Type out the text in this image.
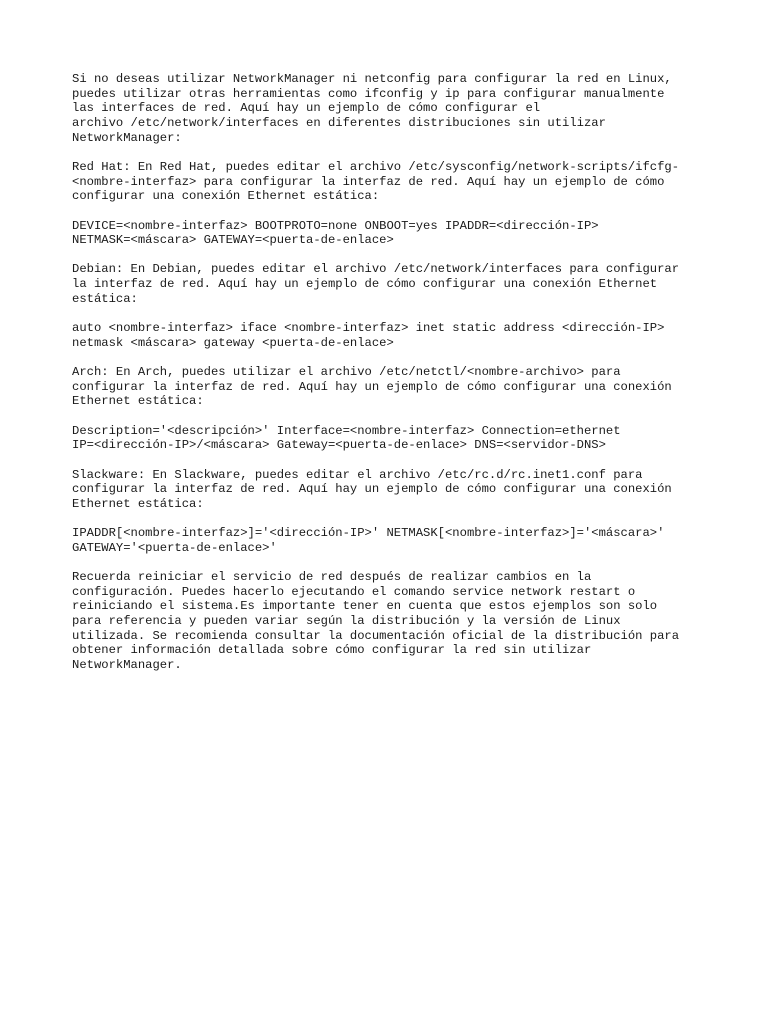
Si no deseas utilizar NetworkManager ni netconfig para configurar la red en Linux,
puedes utilizar otras herramientas como ifconfig y ip para configurar manualmente
las interfaces de red. Aquí hay un ejemplo de cómo configurar el
archivo /etc/network/interfaces en diferentes distribuciones sin utilizar
NetworkManager:

Red Hat: En Red Hat, puedes editar el archivo /etc/sysconfig/network-scripts/ifcfg-
<nombre-interfaz> para configurar la interfaz de red. Aquí hay un ejemplo de cómo
configurar una conexión Ethernet estática:

DEVICE=<nombre-interfaz> BOOTPROTO=none ONBOOT=yes IPADDR=<dirección-IP>
NETMASK=<máscara> GATEWAY=<puerta-de-enlace>

Debian: En Debian, puedes editar el archivo /etc/network/interfaces para configurar
la interfaz de red. Aquí hay un ejemplo de cómo configurar una conexión Ethernet
estática:

auto <nombre-interfaz> iface <nombre-interfaz> inet static address <dirección-IP>
netmask <máscara> gateway <puerta-de-enlace>

Arch: En Arch, puedes utilizar el archivo /etc/netctl/<nombre-archivo> para
configurar la interfaz de red. Aquí hay un ejemplo de cómo configurar una conexión
Ethernet estática:

Description='<descripción>' Interface=<nombre-interfaz> Connection=ethernet
IP=<dirección-IP>/<máscara> Gateway=<puerta-de-enlace> DNS=<servidor-DNS>

Slackware: En Slackware, puedes editar el archivo /etc/rc.d/rc.inet1.conf para
configurar la interfaz de red. Aquí hay un ejemplo de cómo configurar una conexión
Ethernet estática:

IPADDR[<nombre-interfaz>]='<dirección-IP>' NETMASK[<nombre-interfaz>]='<máscara>'
GATEWAY='<puerta-de-enlace>'

Recuerda reiniciar el servicio de red después de realizar cambios en la
configuración. Puedes hacerlo ejecutando el comando service network restart o
reiniciando el sistema.Es importante tener en cuenta que estos ejemplos son solo
para referencia y pueden variar según la distribución y la versión de Linux
utilizada. Se recomienda consultar la documentación oficial de la distribución para
obtener información detallada sobre cómo configurar la red sin utilizar
NetworkManager.
